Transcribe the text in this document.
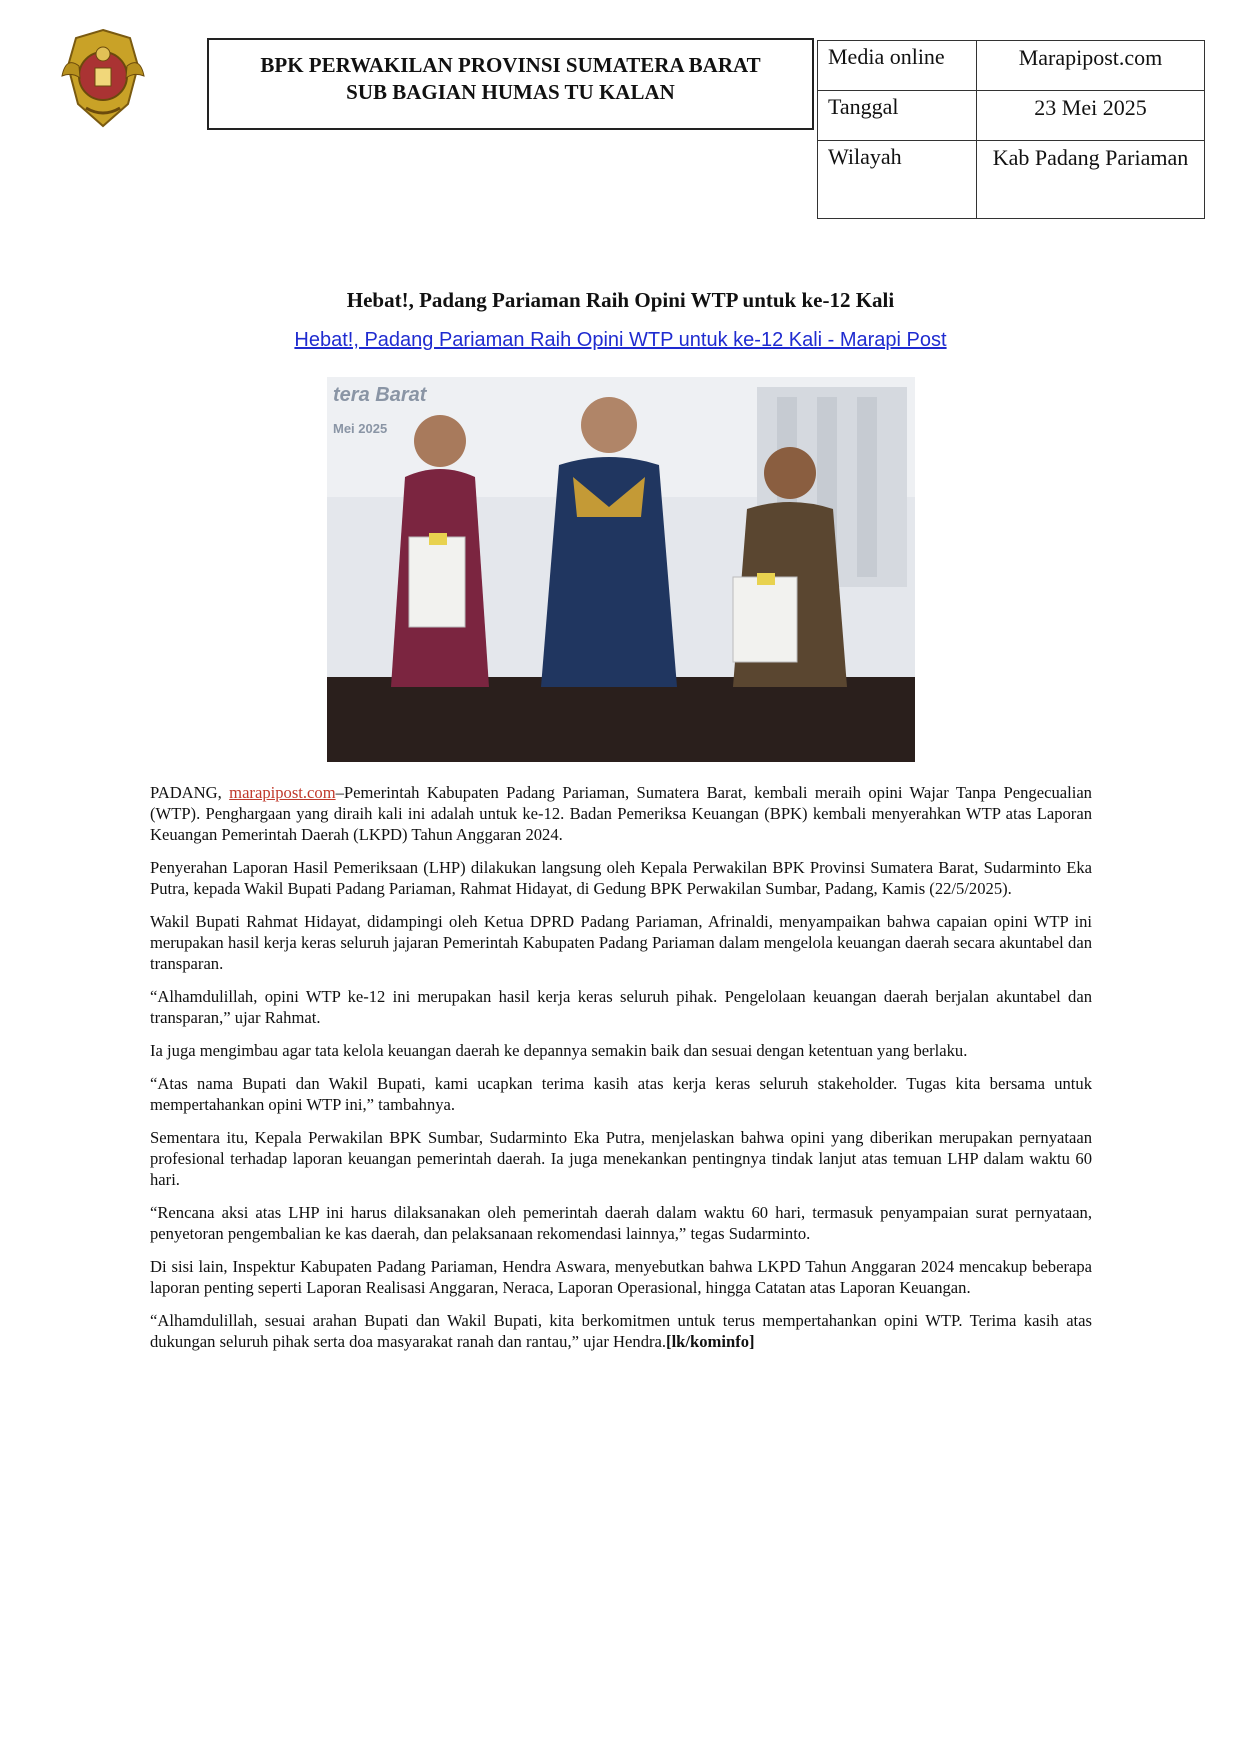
BPK PERWAKILAN PROVINSI SUMATERA BARAT
SUB BAGIAN HUMAS TU KALAN
Media online	Marapipost.com
Tanggal	23 Mei 2025
Wilayah	Kab Padang Pariaman
Hebat!, Padang Pariaman Raih Opini WTP untuk ke-12 Kali
Hebat!, Padang Pariaman Raih Opini WTP untuk ke-12 Kali - Marapi Post
tera Barat
Mei 2025

PADANG, marapipost.com–Pemerintah Kabupaten Padang Pariaman, Sumatera Barat, kembali meraih opini Wajar Tanpa Pengecualian (WTP). Penghargaan yang diraih kali ini adalah untuk ke-12. Badan Pemeriksa Keuangan (BPK) kembali menyerahkan WTP atas Laporan Keuangan Pemerintah Daerah (LKPD) Tahun Anggaran 2024.

Penyerahan Laporan Hasil Pemeriksaan (LHP) dilakukan langsung oleh Kepala Perwakilan BPK Provinsi Sumatera Barat, Sudarminto Eka Putra, kepada Wakil Bupati Padang Pariaman, Rahmat Hidayat, di Gedung BPK Perwakilan Sumbar, Padang, Kamis (22/5/2025).

Wakil Bupati Rahmat Hidayat, didampingi oleh Ketua DPRD Padang Pariaman, Afrinaldi, menyampaikan bahwa capaian opini WTP ini merupakan hasil kerja keras seluruh jajaran Pemerintah Kabupaten Padang Pariaman dalam mengelola keuangan daerah secara akuntabel dan transparan.

“Alhamdulillah, opini WTP ke-12 ini merupakan hasil kerja keras seluruh pihak. Pengelolaan keuangan daerah berjalan akuntabel dan transparan,” ujar Rahmat.

Ia juga mengimbau agar tata kelola keuangan daerah ke depannya semakin baik dan sesuai dengan ketentuan yang berlaku.

“Atas nama Bupati dan Wakil Bupati, kami ucapkan terima kasih atas kerja keras seluruh stakeholder. Tugas kita bersama untuk mempertahankan opini WTP ini,” tambahnya.

Sementara itu, Kepala Perwakilan BPK Sumbar, Sudarminto Eka Putra, menjelaskan bahwa opini yang diberikan merupakan pernyataan profesional terhadap laporan keuangan pemerintah daerah. Ia juga menekankan pentingnya tindak lanjut atas temuan LHP dalam waktu 60 hari.

“Rencana aksi atas LHP ini harus dilaksanakan oleh pemerintah daerah dalam waktu 60 hari, termasuk penyampaian surat pernyataan, penyetoran pengembalian ke kas daerah, dan pelaksanaan rekomendasi lainnya,” tegas Sudarminto.

Di sisi lain, Inspektur Kabupaten Padang Pariaman, Hendra Aswara, menyebutkan bahwa LKPD Tahun Anggaran 2024 mencakup beberapa laporan penting seperti Laporan Realisasi Anggaran, Neraca, Laporan Operasional, hingga Catatan atas Laporan Keuangan.

“Alhamdulillah, sesuai arahan Bupati dan Wakil Bupati, kita berkomitmen untuk terus mempertahankan opini WTP. Terima kasih atas dukungan seluruh pihak serta doa masyarakat ranah dan rantau,” ujar Hendra.[lk/kominfo]
